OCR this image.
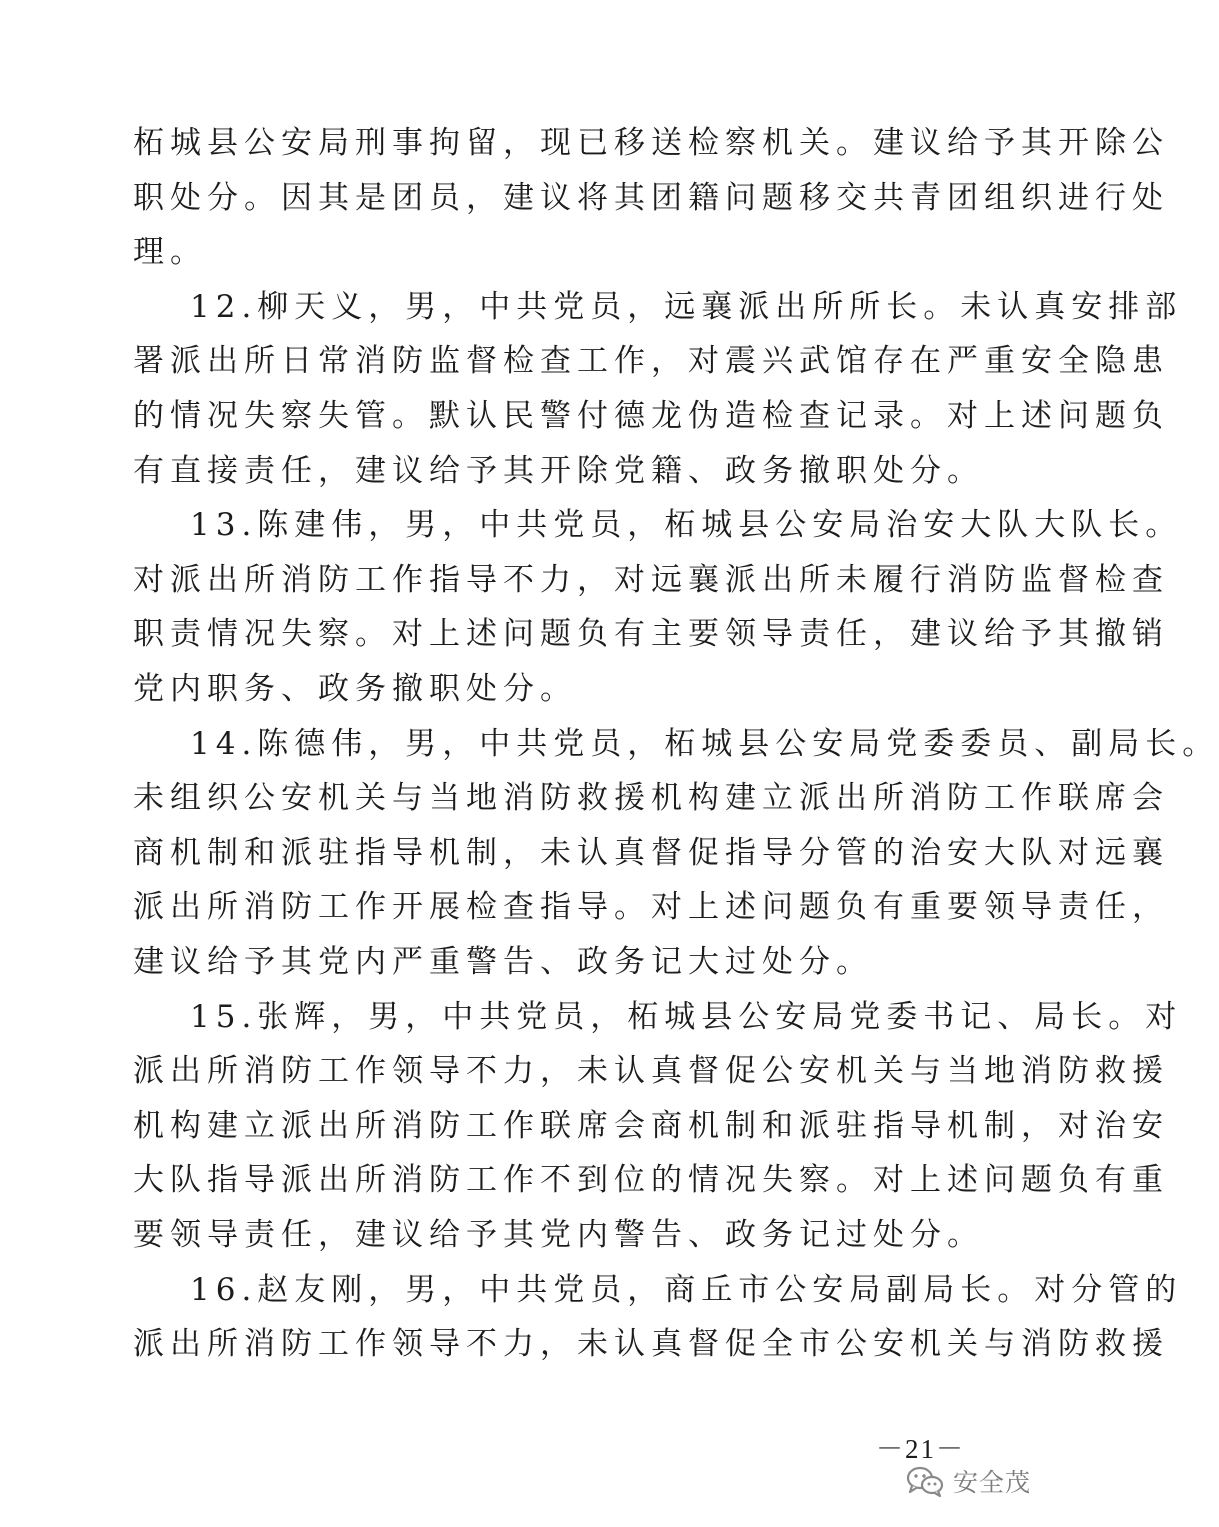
柘城县公安局刑事拘留，现已移送检察机关。建议给予其开除公
职处分。因其是团员，建议将其团籍问题移交共青团组织进行处
理。
12.柳天义，男，中共党员，远襄派出所所长。未认真安排部
署派出所日常消防监督检查工作，对震兴武馆存在严重安全隐患
的情况失察失管。默认民警付德龙伪造检查记录。对上述问题负
有直接责任，建议给予其开除党籍、政务撤职处分。
13.陈建伟，男，中共党员，柘城县公安局治安大队大队长。
对派出所消防工作指导不力，对远襄派出所未履行消防监督检查
职责情况失察。对上述问题负有主要领导责任，建议给予其撤销
党内职务、政务撤职处分。
14.陈德伟，男，中共党员，柘城县公安局党委委员、副局长。
未组织公安机关与当地消防救援机构建立派出所消防工作联席会
商机制和派驻指导机制，未认真督促指导分管的治安大队对远襄
派出所消防工作开展检查指导。对上述问题负有重要领导责任，
建议给予其党内严重警告、政务记大过处分。
15.张辉，男，中共党员，柘城县公安局党委书记、局长。对
派出所消防工作领导不力，未认真督促公安机关与当地消防救援
机构建立派出所消防工作联席会商机制和派驻指导机制，对治安
大队指导派出所消防工作不到位的情况失察。对上述问题负有重
要领导责任，建议给予其党内警告、政务记过处分。
16.赵友刚，男，中共党员，商丘市公安局副局长。对分管的
派出所消防工作领导不力，未认真督促全市公安机关与消防救援
－21－
安全茂
